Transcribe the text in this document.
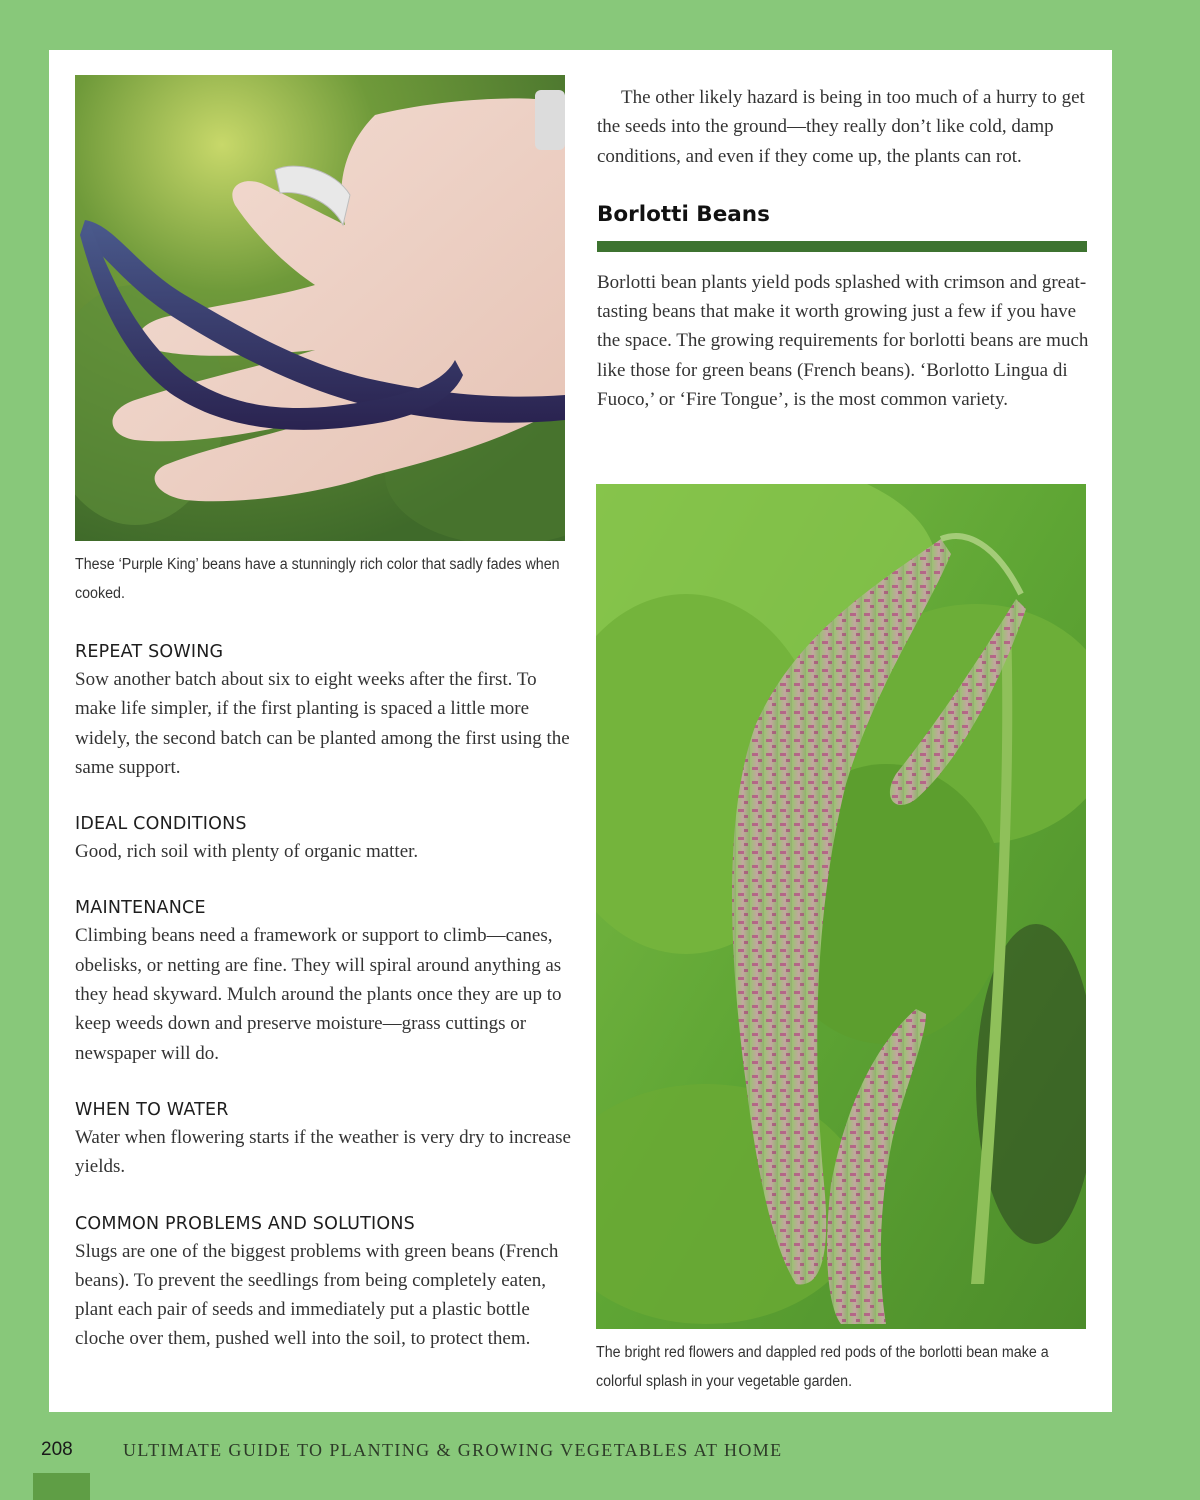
These ‘Purple King’ beans have a stunningly rich color that sadly fades when cooked.
REPEAT SOWING

Sow another batch about six to eight weeks after the first. To make life simpler, if the first planting is spaced a little more widely, the second batch can be planted among the first using the same support.

IDEAL CONDITIONS

Good, rich soil with plenty of organic matter.

MAINTENANCE

Climbing beans need a framework or support to climb—canes, obelisks, or netting are fine. They will spiral around anything as they head skyward. Mulch around the plants once they are up to keep weeds down and preserve moisture—grass cuttings or newspaper will do.

WHEN TO WATER

Water when flowering starts if the weather is very dry to increase yields.

COMMON PROBLEMS AND SOLUTIONS

Slugs are one of the biggest problems with green beans (French beans). To prevent the seedlings from being completely eaten, plant each pair of seeds and immediately put a plastic bottle cloche over them, pushed well into the soil, to protect them.

The other likely hazard is being in too much of a hurry to get the seeds into the ground—they really don’t like cold, damp conditions, and even if they come up, the plants can rot.

Borlotti Beans

Borlotti bean plants yield pods splashed with crimson and great-tasting beans that make it worth growing just a few if you have the space. The growing requirements for borlotti beans are much like those for green beans (French beans). ‘Borlotto Lingua di Fuoco,’ or ‘Fire Tongue’, is the most common variety.

The bright red flowers and dappled red pods of the borlotti bean make a colorful splash in your vegetable garden.
208	ULTIMATE GUIDE TO PLANTING & GROWING VEGETABLES AT HOME
